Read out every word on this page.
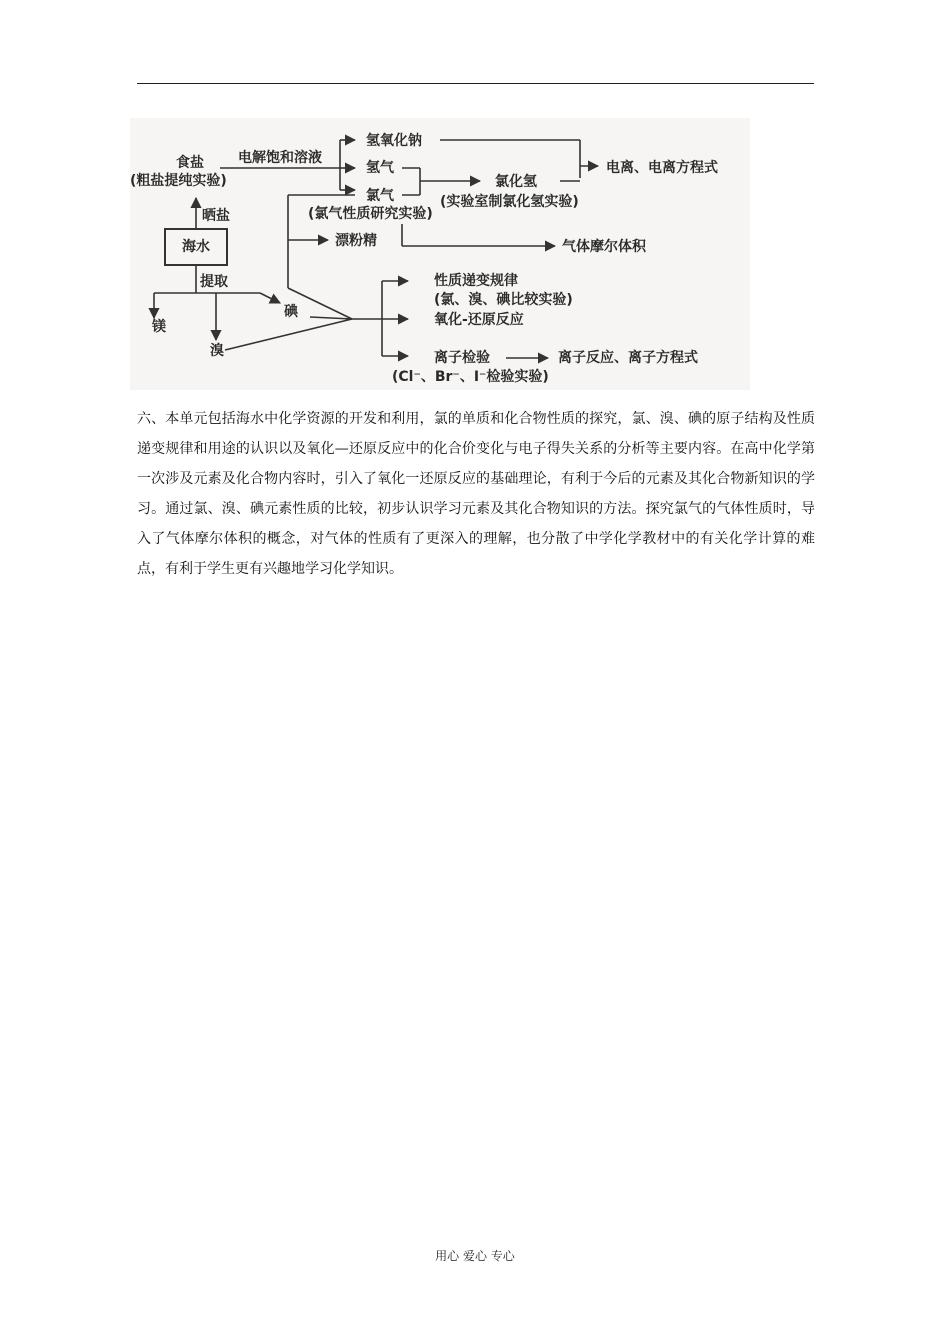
食盐
(粗盐提纯实验)
晒盐
海水
提取
镁
溴
碘
电解饱和溶液
氢氧化钠
氢气
氯气
(氯气性质研究实验)
氯化氢
(实验室制氯化氢实验)
电离、电离方程式
漂粉精	气体摩尔体积
性质递变规律
(氯、溴、碘比较实验)
氧化-还原反应
离子检验	离子反应、离子方程式
(Cl⁻、Br⁻、I⁻检验实验)
六、本单元包括海水中化学资源的开发和利用，氯的单质和化合物性质的探究，氯、溴、碘的原子结构及性质递变规律和用途的认识以及氧化—还原反应中的化合价变化与电子得失关系的分析等主要内容。在高中化学第一次涉及元素及化合物内容时，引入了氧化一还原反应的基础理论，有利于今后的元素及其化合物新知识的学习。通过氯、溴、碘元素性质的比较，初步认识学习元素及其化合物知识的方法。探究氯气的气体性质时，导入了气体摩尔体积的概念，对气体的性质有了更深入的理解，也分散了中学化学教材中的有关化学计算的难点，有利于学生更有兴趣地学习化学知识。
用心 爱心 专心
